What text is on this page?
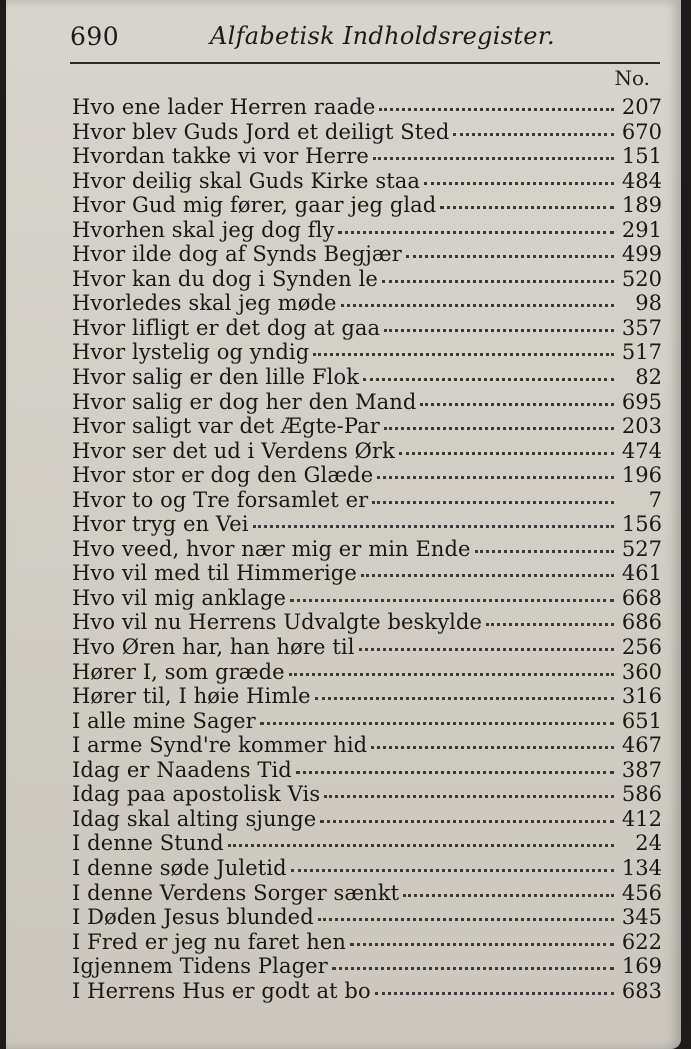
690	Alfabetisk Indholdsregister.
No.
Hvo ene lader Herren raade	207
Hvor blev Guds Jord et deiligt Sted	670
Hvordan takke vi vor Herre	151
Hvor deilig skal Guds Kirke staa	484
Hvor Gud mig fører, gaar jeg glad	189
Hvorhen skal jeg dog fly	291
Hvor ilde dog af Synds Begjær	499
Hvor kan du dog i Synden le	520
Hvorledes skal jeg møde	98
Hvor lifligt er det dog at gaa	357
Hvor lystelig og yndig	517
Hvor salig er den lille Flok	82
Hvor salig er dog her den Mand	695
Hvor saligt var det Ægte-Par	203
Hvor ser det ud i Verdens Ørk	474
Hvor stor er dog den Glæde	196
Hvor to og Tre forsamlet er	7
Hvor tryg en Vei	156
Hvo veed, hvor nær mig er min Ende	527
Hvo vil med til Himmerige	461
Hvo vil mig anklage	668
Hvo vil nu Herrens Udvalgte beskylde	686
Hvo Øren har, han høre til	256
Hører I, som græde	360
Hører til, I høie Himle	316
I alle mine Sager	651
I arme Synd're kommer hid	467
Idag er Naadens Tid	387
Idag paa apostolisk Vis	586
Idag skal alting sjunge	412
I denne Stund	24
I denne søde Juletid	134
I denne Verdens Sorger sænkt	456
I Døden Jesus blunded	345
I Fred er jeg nu faret hen	622
Igjennem Tidens Plager	169
I Herrens Hus er godt at bo	683
